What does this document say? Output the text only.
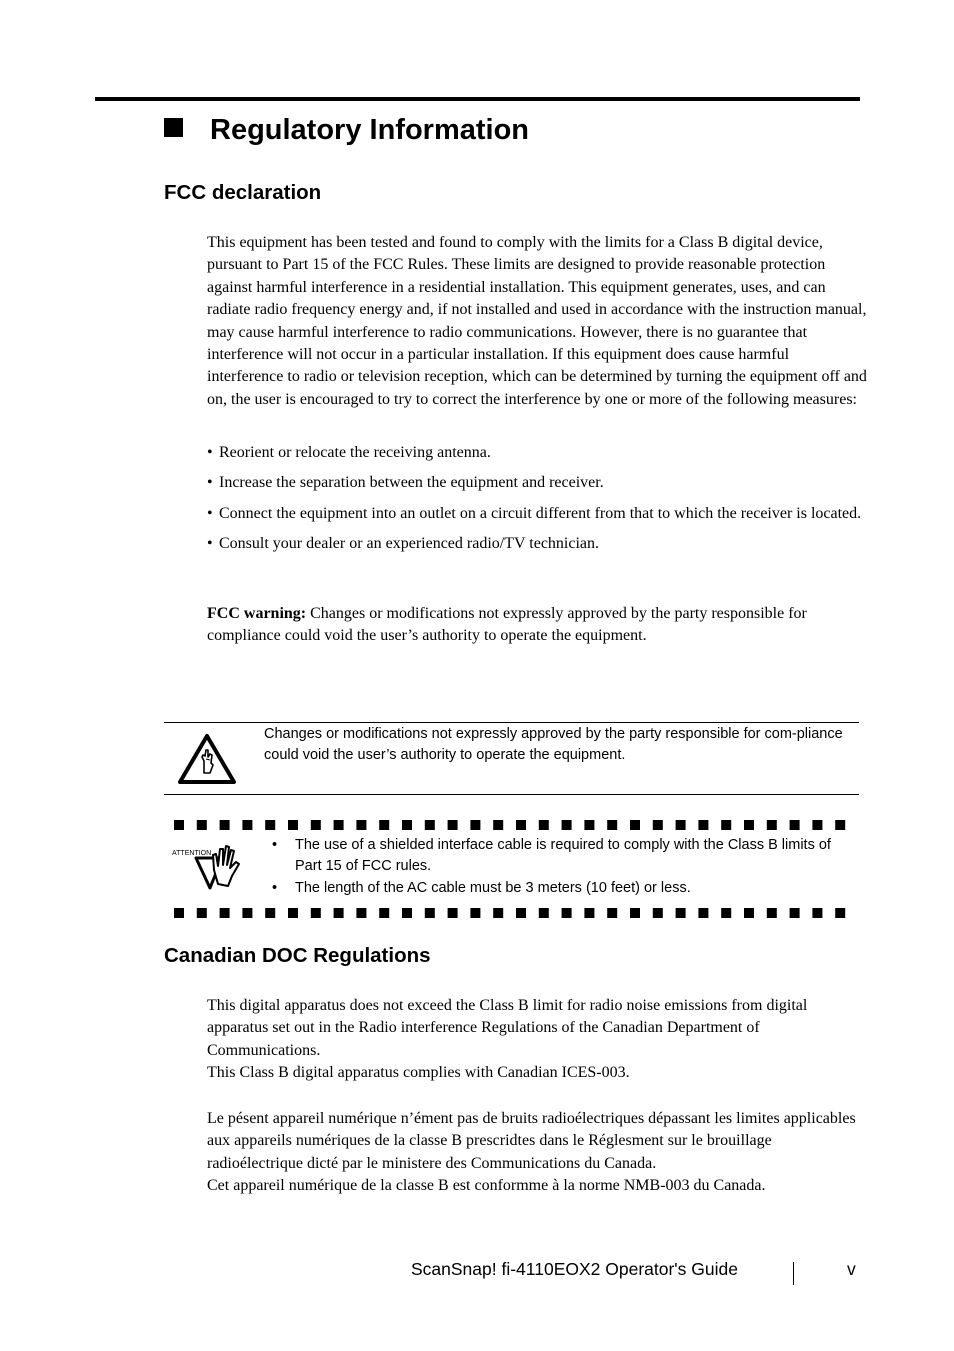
Regulatory Information
FCC declaration
This equipment has been tested and found to comply with the limits for a Class B digital device, pursuant to Part 15 of the FCC Rules. These limits are designed to provide reasonable protection against harmful interference in a residential installation. This equipment generates, uses, and can radiate radio frequency energy and, if not installed and used in accordance with the instruction manual, may cause harmful interference to radio communications. However, there is no guarantee that interference will not occur in a particular installation. If this equipment does cause harmful interference to radio or television reception, which can be determined by turning the equipment off and on, the user is encouraged to try to correct the interference by one or more of the following measures:
• Reorient or relocate the receiving antenna.
• Increase the separation between the equipment and receiver.
• Connect the equipment into an outlet on a circuit different from that to which the receiver is located.
• Consult your dealer or an experienced radio/TV technician.
FCC warning: Changes or modifications not expressly approved by the party responsible for compliance could void the user’s authority to operate the equipment.
Changes or modifications not expressly approved by the party responsible for com-pliance could void the user’s authority to operate the equipment.
ATTENTION
• The use of a shielded interface cable is required to comply with the Class B limits of Part 15 of FCC rules.
• The length of the AC cable must be 3 meters (10 feet) or less.
Canadian DOC Regulations
This digital apparatus does not exceed the Class B limit for radio noise emissions from digital apparatus set out in the Radio interference Regulations of the Canadian Department of Communications.
This Class B digital apparatus complies with Canadian ICES-003.
Le pésent appareil numérique n’ément pas de bruits radioélectriques dépassant les limites applicables aux appareils numériques de la classe B prescridtes dans le Réglesment sur le brouillage radioélectrique dicté par le ministere des Communications du Canada.
Cet appareil numérique de la classe B est conformme à la norme NMB-003 du Canada.
ScanSnap! fi-4110EOX2 Operator's Guide	v
